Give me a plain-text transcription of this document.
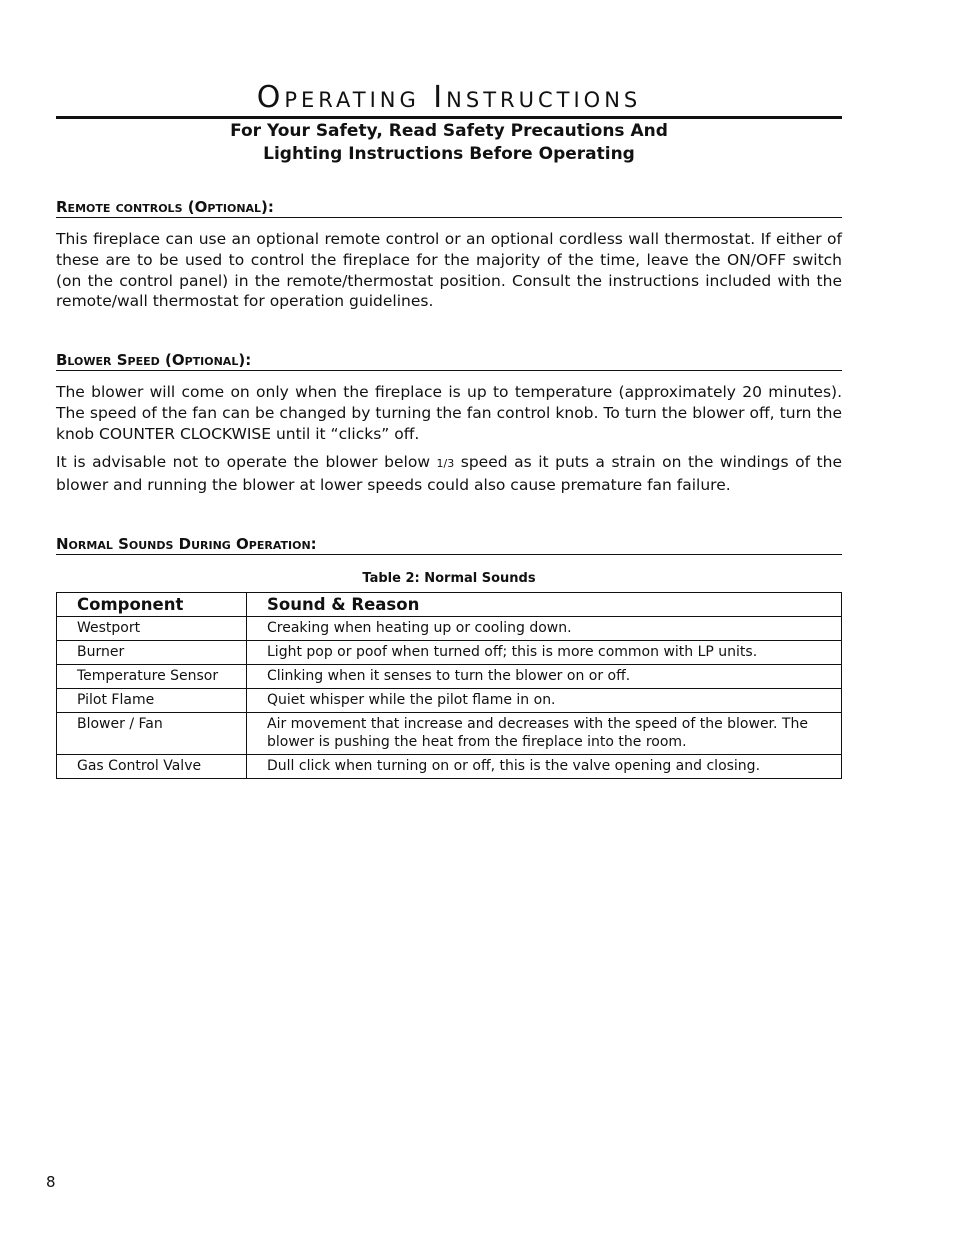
Operating Instructions
For Your Safety, Read Safety Precautions And
Lighting Instructions Before Operating
Remote controls (Optional):
This fireplace can use an optional remote control or an optional cordless wall thermostat. If either of these are to be used to control the fireplace for the majority of the time, leave the ON/OFF switch (on the control panel) in the remote/thermostat position. Consult the instructions included with the remote/wall thermostat for operation guidelines.
Blower Speed (Optional):
The blower will come on only when the fireplace is up to temperature (approximately 20 minutes). The speed of the fan can be changed by turning the fan control knob. To turn the blower off, turn the knob COUNTER CLOCKWISE until it “clicks” off.
It is advisable not to operate the blower below 1/3 speed as it puts a strain on the windings of the blower and running the blower at lower speeds could also cause premature fan failure.
Normal Sounds During Operation:
Table 2: Normal Sounds
Component	Sound & Reason
Westport	Creaking when heating up or cooling down.
Burner	Light pop or poof when turned off; this is more common with LP units.
Temperature Sensor	Clinking when it senses to turn the blower on or off.
Pilot Flame	Quiet whisper while the pilot flame in on.
Blower / Fan	Air movement that increase and decreases with the speed of the blower. The blower is pushing the heat from the fireplace into the room.
Gas Control Valve	Dull click when turning on or off, this is the valve opening and closing.
8
